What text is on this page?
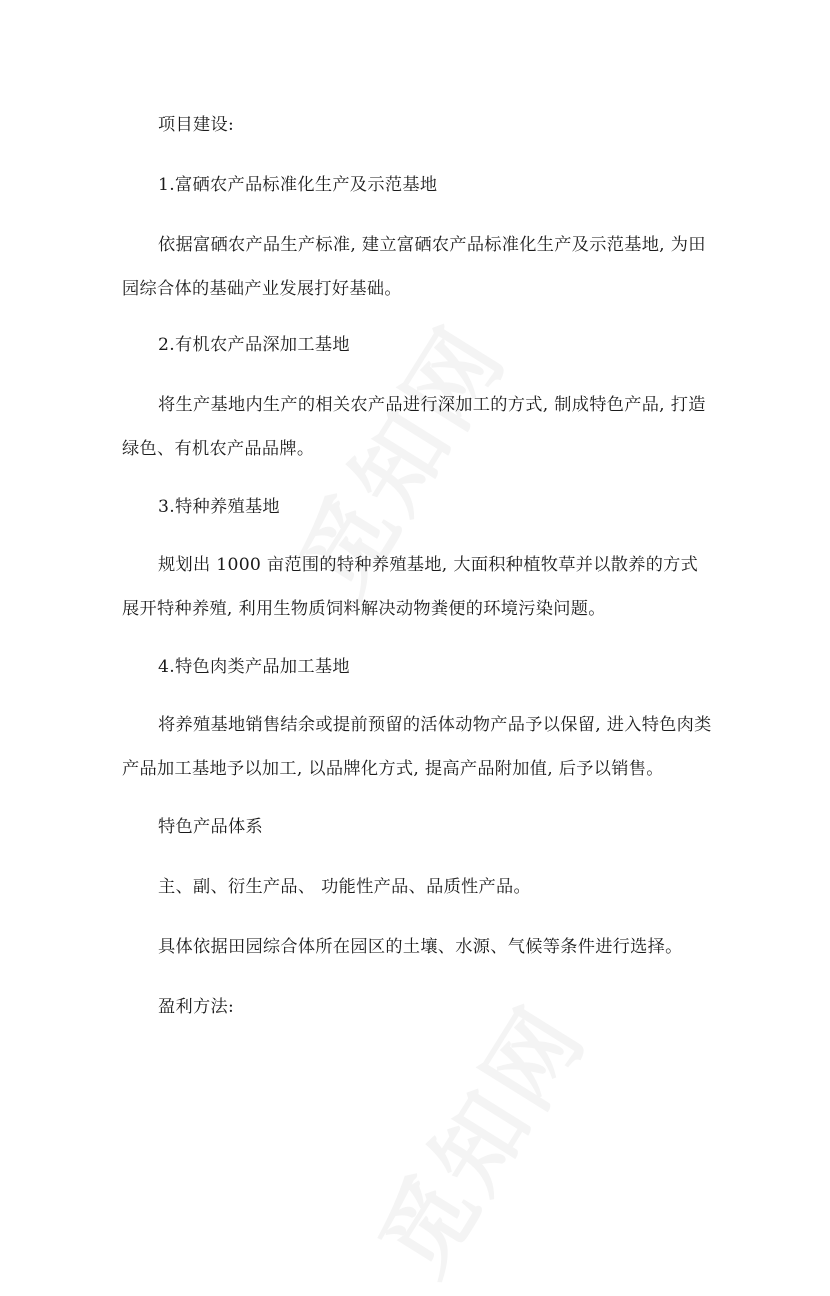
项目建设:

1.富硒农产品标准化生产及示范基地

依据富硒农产品生产标准, 建立富硒农产品标准化生产及示范基地, 为田园综合体的基础产业发展打好基础。

2.有机农产品深加工基地

将生产基地内生产的相关农产品进行深加工的方式, 制成特色产品, 打造绿色、有机农产品品牌。

3.特种养殖基地

规划出 1000 亩范围的特种养殖基地, 大面积种植牧草并以散养的方式展开特种养殖, 利用生物质饲料解决动物粪便的环境污染问题。

4.特色肉类产品加工基地

将养殖基地销售结余或提前预留的活体动物产品予以保留, 进入特色肉类产品加工基地予以加工, 以品牌化方式, 提高产品附加值, 后予以销售。

特色产品体系

主、副、衍生产品、 功能性产品、品质性产品。

具体依据田园综合体所在园区的土壤、水源、气候等条件进行选择。

盈利方法:
